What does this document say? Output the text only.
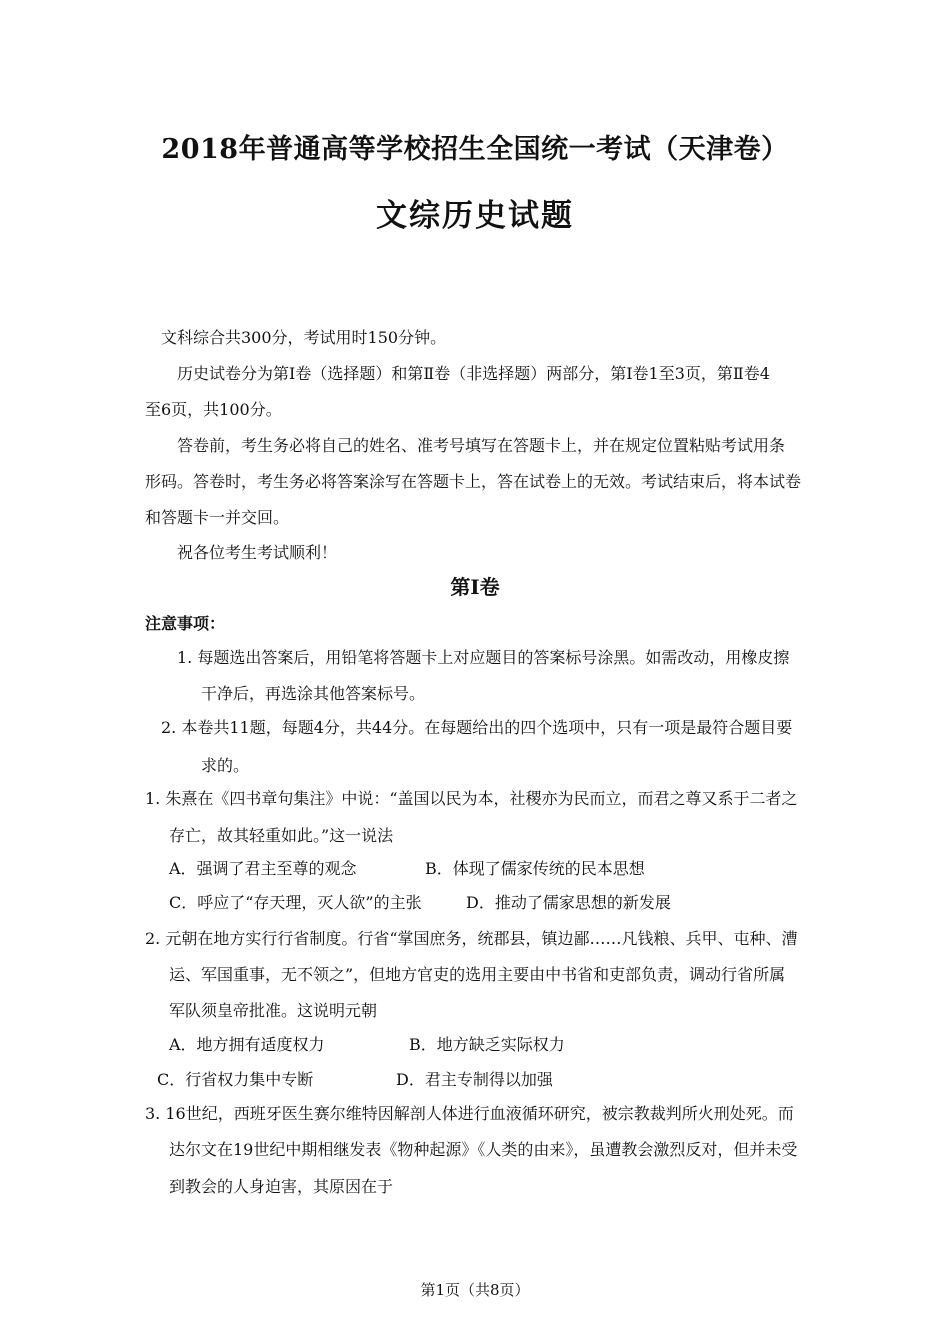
2018年普通高等学校招生全国统一考试（天津卷）
文综历史试题
文科综合共300分，考试用时150分钟。
历史试卷分为第Ⅰ卷（选择题）和第Ⅱ卷（非选择题）两部分，第Ⅰ卷1至3页，第Ⅱ卷4
至6页，共100分。
答卷前，考生务必将自己的姓名、准考号填写在答题卡上，并在规定位置粘贴考试用条
形码。答卷时，考生务必将答案涂写在答题卡上，答在试卷上的无效。考试结束后，将本试卷
和答题卡一并交回。
祝各位考生考试顺利！
第Ⅰ卷
注意事项：
1. 每题选出答案后，用铅笔将答题卡上对应题目的答案标号涂黑。如需改动，用橡皮擦
干净后，再选涂其他答案标号。
2. 本卷共11题，每题4分，共44分。在每题给出的四个选项中，只有一项是最符合题目要
求的。
1. 朱熹在《四书章句集注》中说：“盖国以民为本，社稷亦为民而立，而君之尊又系于二者之
存亡，故其轻重如此。”这一说法
A．强调了君主至尊的观念	B．体现了儒家传统的民本思想
C．呼应了“存天理，灭人欲”的主张	D．推动了儒家思想的新发展
2. 元朝在地方实行行省制度。行省“掌国庶务，统郡县，镇边鄙……凡钱粮、兵甲、屯种、漕
运、军国重事，无不领之”，但地方官吏的选用主要由中书省和吏部负责，调动行省所属
军队须皇帝批准。这说明元朝
A．地方拥有适度权力	B．地方缺乏实际权力
C．行省权力集中专断	D．君主专制得以加强
3. 16世纪，西班牙医生赛尔维特因解剖人体进行血液循环研究，被宗教裁判所火刑处死。而
达尔文在19世纪中期相继发表《物种起源》《人类的由来》，虽遭教会激烈反对，但并未受
到教会的人身迫害，其原因在于
第1页（共8页）
